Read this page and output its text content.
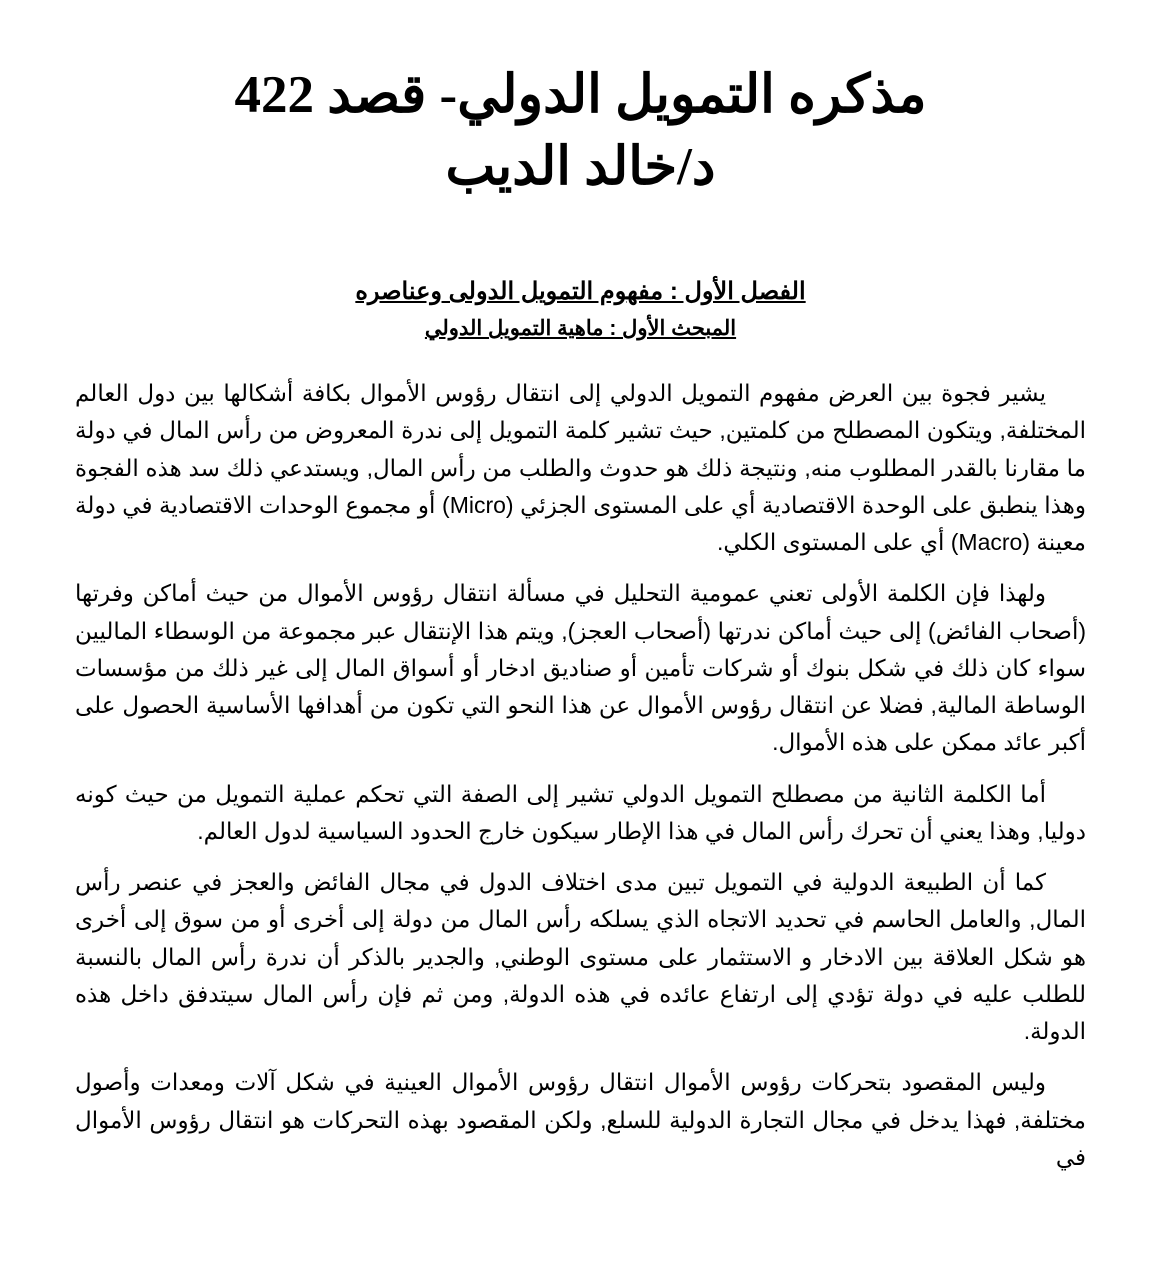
مذكره التمويل الدولي- قصد 422
د/خالد الديب
الفصل الأول : مفهوم التمويل الدولى وعناصره
المبحث الأول : ماهية التمويل الدولي

يشير فجوة بين العرض مفهوم التمويل الدولي إلى انتقال رؤوس الأموال بكافة أشكالها بين دول العالم المختلفة, ويتكون المصطلح من كلمتين, حيث تشير كلمة التمويل إلى ندرة المعروض من رأس المال في دولة ما مقارنا بالقدر المطلوب منه, ونتيجة ذلك هو حدوث والطلب من رأس المال, ويستدعي ذلك سد هذه الفجوة وهذا ينطبق على الوحدة الاقتصادية أي على المستوى الجزئي (Micro) أو مجموع الوحدات الاقتصادية في دولة معينة (Macro) أي على المستوى الكلي.

ولهذا فإن الكلمة الأولى تعني عمومية التحليل في مسألة انتقال رؤوس الأموال من حيث أماكن وفرتها (أصحاب الفائض) إلى حيث أماكن ندرتها (أصحاب العجز), ويتم هذا الإنتقال عبر مجموعة من الوسطاء الماليين سواء كان ذلك في شكل بنوك أو شركات تأمين أو صناديق ادخار أو أسواق المال إلى غير ذلك من مؤسسات الوساطة المالية, فضلا عن انتقال رؤوس الأموال عن هذا النحو التي تكون من أهدافها الأساسية الحصول على أكبر عائد ممكن على هذه الأموال.

أما الكلمة الثانية من مصطلح التمويل الدولي تشير إلى الصفة التي تحكم عملية التمويل من حيث كونه دوليا, وهذا يعني أن تحرك رأس المال في هذا الإطار سيكون خارج الحدود السياسية لدول العالم.

كما أن الطبيعة الدولية في التمويل تبين مدى اختلاف الدول في مجال الفائض والعجز في عنصر رأس المال, والعامل الحاسم في تحديد الاتجاه الذي يسلكه رأس المال من دولة إلى أخرى أو من سوق إلى أخرى هو شكل العلاقة بين الادخار و الاستثمار على مستوى الوطني, والجدير بالذكر أن ندرة رأس المال بالنسبة للطلب عليه في دولة تؤدي إلى ارتفاع عائده في هذه الدولة, ومن ثم فإن رأس المال سيتدفق داخل هذه الدولة.

وليس المقصود بتحركات رؤوس الأموال انتقال رؤوس الأموال العينية في شكل آلات ومعدات وأصول مختلفة, فهذا يدخل في مجال التجارة الدولية للسلع, ولكن المقصود بهذه التحركات هو انتقال رؤوس الأموال في
